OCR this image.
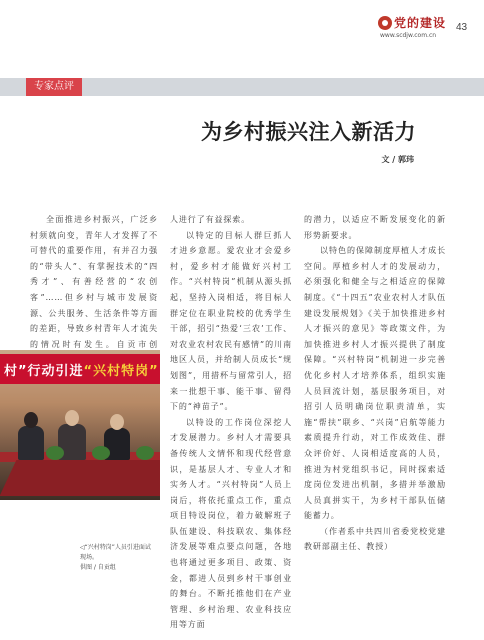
党的建设
www.scdjw.com.cn
43
专家点评
为乡村振兴注入新活力
文 / 郭玮

全面推进乡村振兴，广泛乡村须就向变，青年人才发挥了不可替代的重要作用，有并召力强的“带头人”、有掌握技术的“四秀才”、有善经营的“农创客”……但乡村与城市发展资源、公共服务、生活条件等方面的差距，导致乡村青年人才流失的情况时有发生。自贡市创

人进行了有益探索。

以特定的目标人群巨抓人才进乡意愿。愛农业才会爱乡村，爱乡村才能做好兴村工作。“兴村特岗”机制从源头抓起，坚持入岗相适，将目标人群定位在职业院校的优秀学生干部，招引“热爱‘三农’工作、对农业农村农民有感情”的川南地区人员，并给制人员成长“规划图”，用措杯与留常引人，招来一批想干事、能干事、留得下的“神苗子”。

以特设的工作岗位深挖人才发展潜力。乡村人才需要具备传统人文情怀和现代经营意识，是基层人才、专业人才和实务人才。“兴村特岗”人员上岗后，将依托重点工作，重点项目特设岗位，着力破解班子队伍建设、科技联农、集体经济发展等难点要点问题，各地也将通过更多项目、政策、资金，都进人员到乡村干事创业的舞台。不断托推他们在产业管理、乡村治理、农业科技应用等方面

的潜力，以适应不断发展变化的新形势新要求。

以特色的保障制度厚植人才成长空间。厚植乡村人才的发展动力，必须强化和健全与之相适应的保障制度。《“十四五”农业农村人才队伍建设发展规划》《关于加快推进乡村人才振兴的意见》等政策文件，为加快推进乡村人才振兴提供了制度保障。“兴村特岗”机制进一步完善优化乡村人才培养体系，组织实施人员回流计划，基层服务项目，对招引人员明确岗位职责清单，实施“帮扶”联乡、“兴岗”启航等能力素质提升行动，对工作成效佳、群众评价好、人岗相适度高的人员，推进为村党组织书记，同时探索适度岗位发进出机制，多措并举激励人员真拼实干，为乡村干部队伍储能蓄力。

（作者系中共四川省委党校党建教研部副主任、教授）

村”行动引进“兴村特岗”
◁“兴村特岗”人员引进面试现场。
供图 / 自贡组
